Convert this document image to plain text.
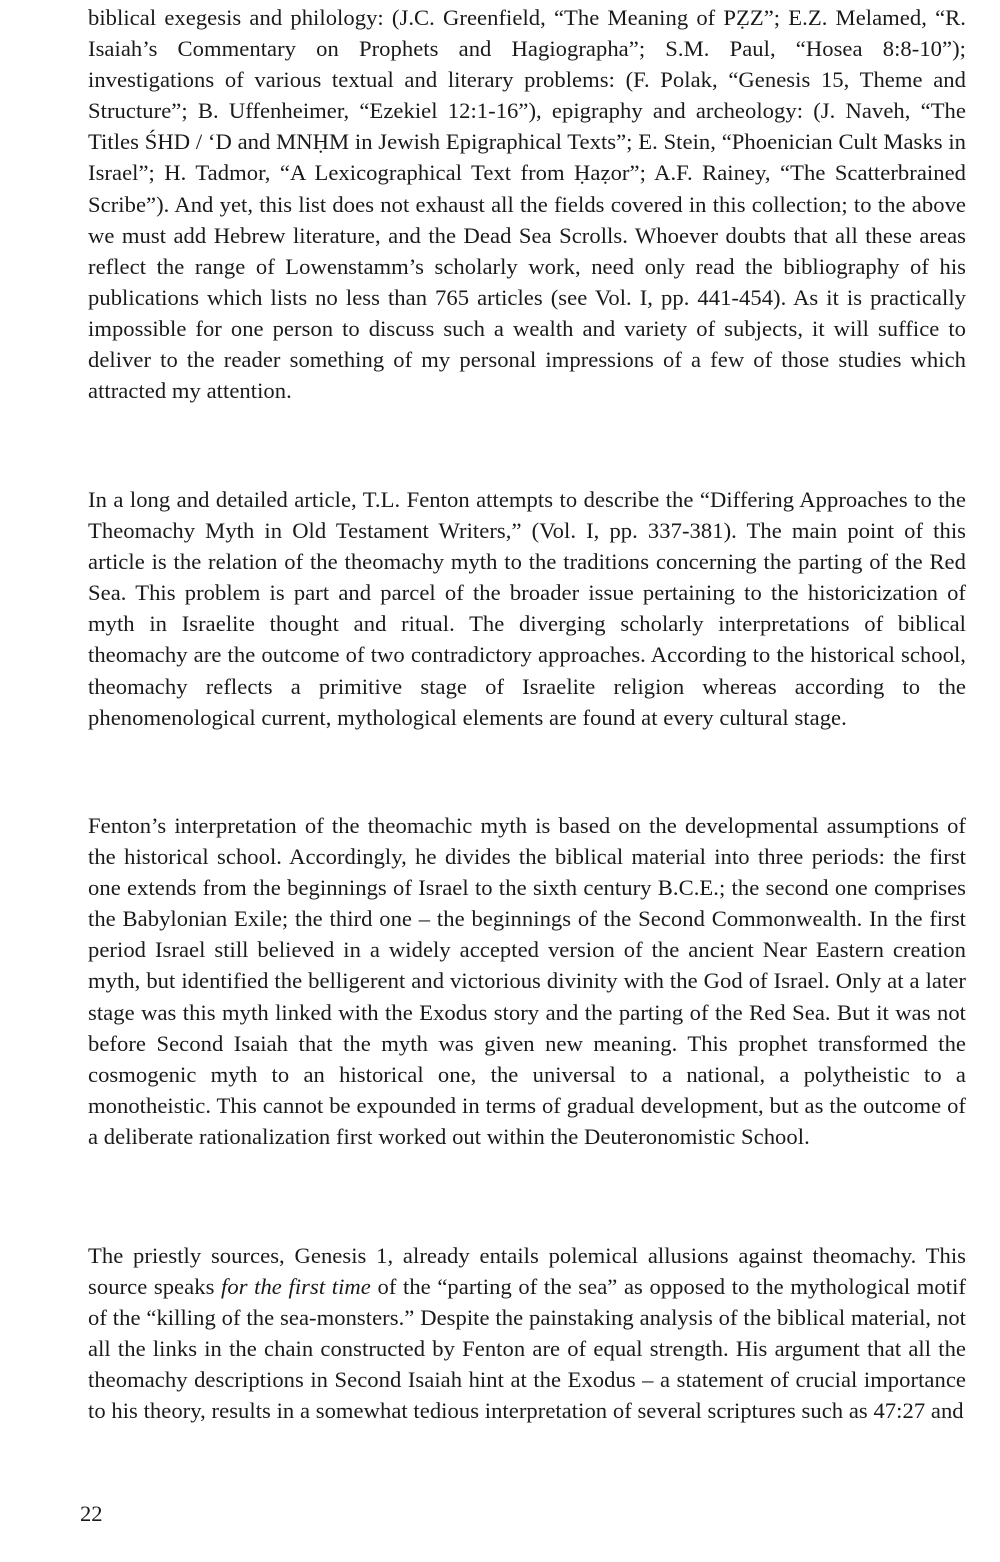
biblical exegesis and philology: (J.C. Greenfield, “The Meaning of PẒZ”; E.Z. Melamed, “R. Isaiah’s Commentary on Prophets and Hagiographa”; S.M. Paul, “Hosea 8:8-10”); investigations of various textual and literary problems: (F. Polak, “Genesis 15, Theme and Structure”; B. Uffenheimer, “Ezekiel 12:1-16”), epigraphy and archeology: (J. Naveh, “The Titles ŚHD / ‘D and MNḤM in Jewish Epigraphical Texts”; E. Stein, “Phoenician Cult Masks in Israel”; H. Tadmor, “A Lexicographical Text from Ḥaẓor”; A.F. Rainey, “The Scatterbrained Scribe”). And yet, this list does not exhaust all the fields covered in this collection; to the above we must add Hebrew literature, and the Dead Sea Scrolls. Whoever doubts that all these areas reflect the range of Lowenstamm’s scholarly work, need only read the bibliography of his publications which lists no less than 765 articles (see Vol. I, pp. 441-454). As it is practically impossible for one person to discuss such a wealth and variety of subjects, it will suffice to deliver to the reader something of my personal impressions of a few of those studies which attracted my attention.

In a long and detailed article, T.L. Fenton attempts to describe the “Differing Approaches to the Theomachy Myth in Old Testament Writers,” (Vol. I, pp. 337-381). The main point of this article is the relation of the theomachy myth to the traditions concerning the parting of the Red Sea. This problem is part and parcel of the broader issue pertaining to the historicization of myth in Israelite thought and ritual. The diverging scholarly interpretations of biblical theomachy are the outcome of two contradictory approaches. According to the historical school, theomachy reflects a primitive stage of Israelite religion whereas according to the phenomenological current, mythological elements are found at every cultural stage.

Fenton’s interpretation of the theomachic myth is based on the developmental assumptions of the historical school. Accordingly, he divides the biblical material into three periods: the first one extends from the beginnings of Israel to the sixth century B.C.E.; the second one comprises the Babylonian Exile; the third one – the beginnings of the Second Commonwealth. In the first period Israel still believed in a widely accepted version of the ancient Near Eastern creation myth, but identified the belligerent and victorious divinity with the God of Israel. Only at a later stage was this myth linked with the Exodus story and the parting of the Red Sea. But it was not before Second Isaiah that the myth was given new meaning. This prophet transformed the cosmogenic myth to an historical one, the universal to a national, a polytheistic to a monotheistic. This cannot be expounded in terms of gradual development, but as the outcome of a deliberate rationalization first worked out within the Deuteronomistic School.

The priestly sources, Genesis 1, already entails polemical allusions against theomachy. This source speaks for the first time of the “parting of the sea” as opposed to the mythological motif of the “killing of the sea-monsters.” Despite the painstaking analysis of the biblical material, not all the links in the chain constructed by Fenton are of equal strength. His argument that all the theomachy descriptions in Second Isaiah hint at the Exodus – a statement of crucial importance to his theory, results in a somewhat tedious interpretation of several scriptures such as 47:27 and

22
